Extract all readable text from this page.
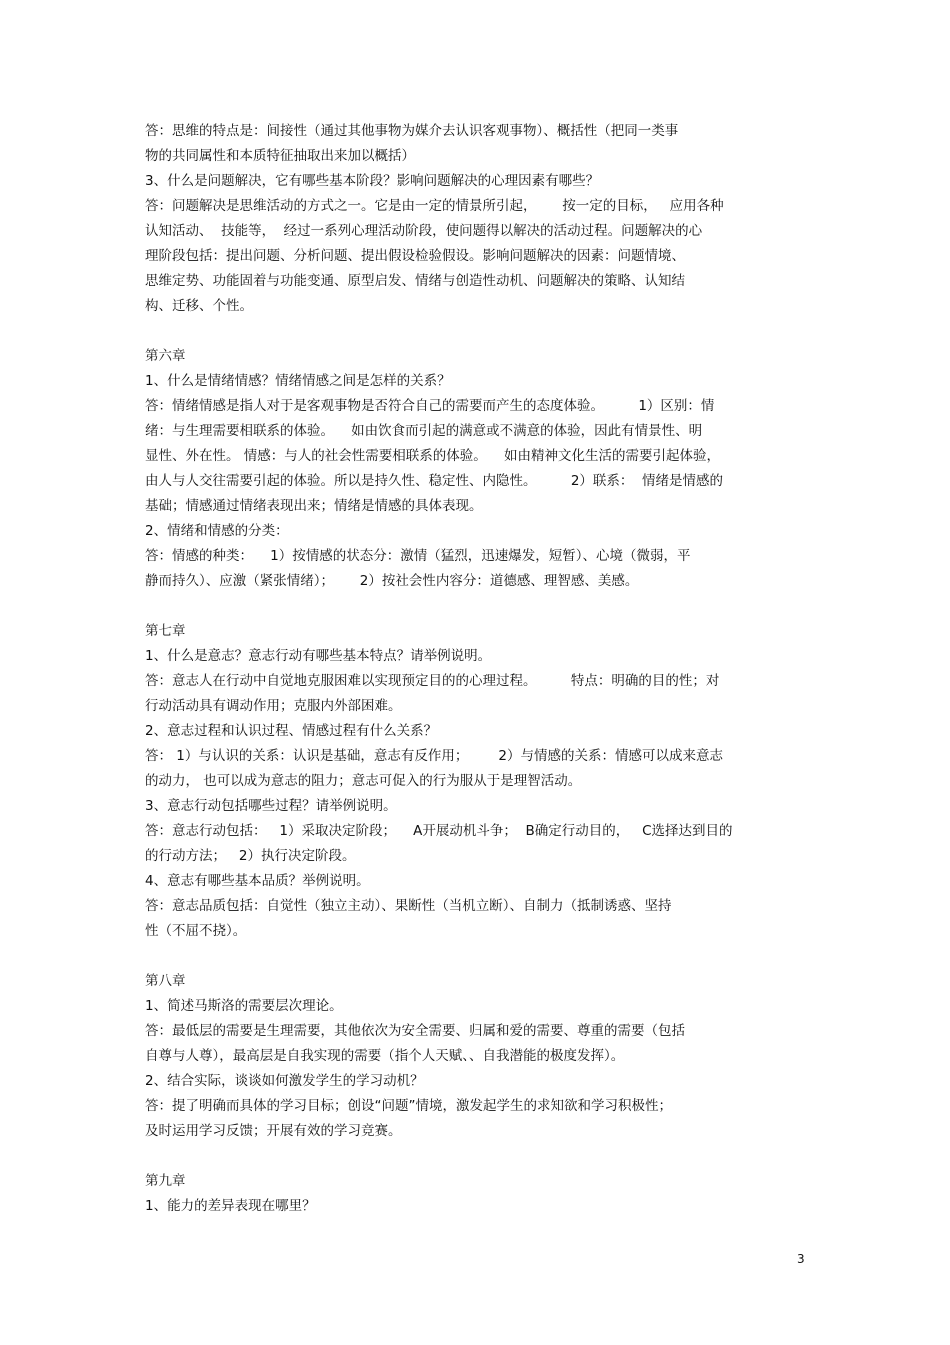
答：思维的特点是：间接性（通过其他事物为媒介去认识客观事物）、概括性（把同一类事
物的共同属性和本质特征抽取出来加以概括）
3、什么是问题解决，它有哪些基本阶段？影响问题解决的心理因素有哪些？
答：问题解决是思维活动的方式之一。它是由一定的情景所引起，      按一定的目标，   应用各种
认知活动、  技能等，  经过一系列心理活动阶段，使问题得以解决的活动过程。问题解决的心
理阶段包括：提出问题、分析问题、提出假设检验假设。影响问题解决的因素：问题情境、
思维定势、功能固着与功能变通、原型启发、情绪与创造性动机、问题解决的策略、认知结
构、迁移、个性。
第六章
1、什么是情绪情感？情绪情感之间是怎样的关系？
答：情绪情感是指人对于是客观事物是否符合自己的需要而产生的态度体验。        1）区别：情
绪：与生理需要相联系的体验。    如由饮食而引起的满意或不满意的体验，因此有情景性、明
显性、外在性。 情感：与人的社会性需要相联系的体验。    如由精神文化生活的需要引起体验，
由人与人交往需要引起的体验。所以是持久性、稳定性、内隐性。        2）联系：  情绪是情感的
基础；情感通过情绪表现出来；情绪是情感的具体表现。
2、情绪和情感的分类：
答：情感的种类：    1）按情感的状态分：激情（猛烈，迅速爆发，短暂）、心境（微弱，平
静而持久）、应激（紧张情绪）；      2）按社会性内容分：道德感、理智感、美感。
第七章
1、什么是意志？意志行动有哪些基本特点？请举例说明。
答：意志人在行动中自觉地克服困难以实现预定目的的心理过程。        特点：明确的目的性；对
行动活动具有调动作用；克服内外部困难。
2、意志过程和认识过程、情感过程有什么关系？
答： 1）与认识的关系：认识是基础，意志有反作用；       2）与情感的关系：情感可以成来意志
的动力， 也可以成为意志的阻力；意志可促入的行为服从于是理智活动。
3、意志行动包括哪些过程？请举例说明。
答：意志行动包括：   1）采取决定阶段；    A开展动机斗争；  B确定行动目的，   C选择达到目的
的行动方法；   2）执行决定阶段。
4、意志有哪些基本品质？举例说明。
答：意志品质包括：自觉性（独立主动）、果断性（当机立断）、自制力（抵制诱惑、坚持
性（不屈不挠）。
第八章
1、简述马斯洛的需要层次理论。
答：最低层的需要是生理需要，其他依次为安全需要、归属和爱的需要、尊重的需要（包括
自尊与人尊），最高层是自我实现的需要（指个人天赋、、自我潜能的极度发挥）。
2、结合实际，谈谈如何激发学生的学习动机？
答：提了明确而具体的学习目标；创设“问题”情境，激发起学生的求知欲和学习积极性；
及时运用学习反馈；开展有效的学习竞赛。
第九章
1、能力的差异表现在哪里？
3
